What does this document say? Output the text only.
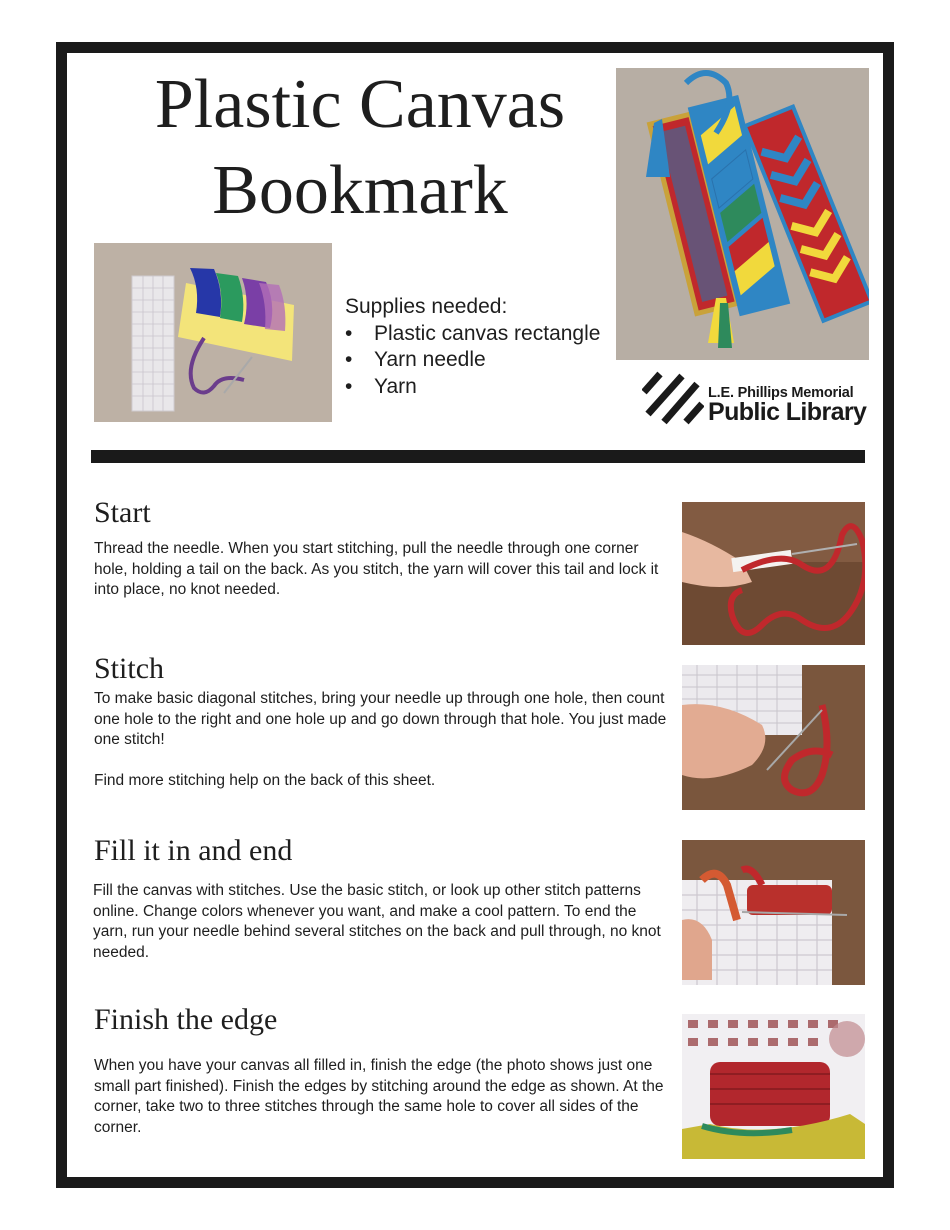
Plastic Canvas
Bookmark
Supplies needed:
• Plastic canvas rectangle
• Yarn needle
• Yarn	L.E. Phillips Memorial
Public Library
Start

Thread the needle. When you start stitching, pull the needle through one corner hole, holding a tail on the back. As you stitch, the yarn will cover this tail and lock it into place, no knot needed.

Stitch

To make basic diagonal stitches, bring your needle up through one hole, then count one hole to the right and one hole up and go down through that hole. You just made one stitch!

Find more stitching help on the back of this sheet.

Fill it in and end

Fill the canvas with stitches. Use the basic stitch, or look up other stitch patterns online. Change colors whenever you want, and make a cool pattern. To end the yarn, run your needle behind several stitches on the back and pull through, no knot needed.

Finish the edge

When you have your canvas all filled in, finish the edge (the photo shows just one small part finished). Finish the edges by stitching around the edge as shown. At the corner, take two to three stitches through the same hole to cover all sides of the corner.
